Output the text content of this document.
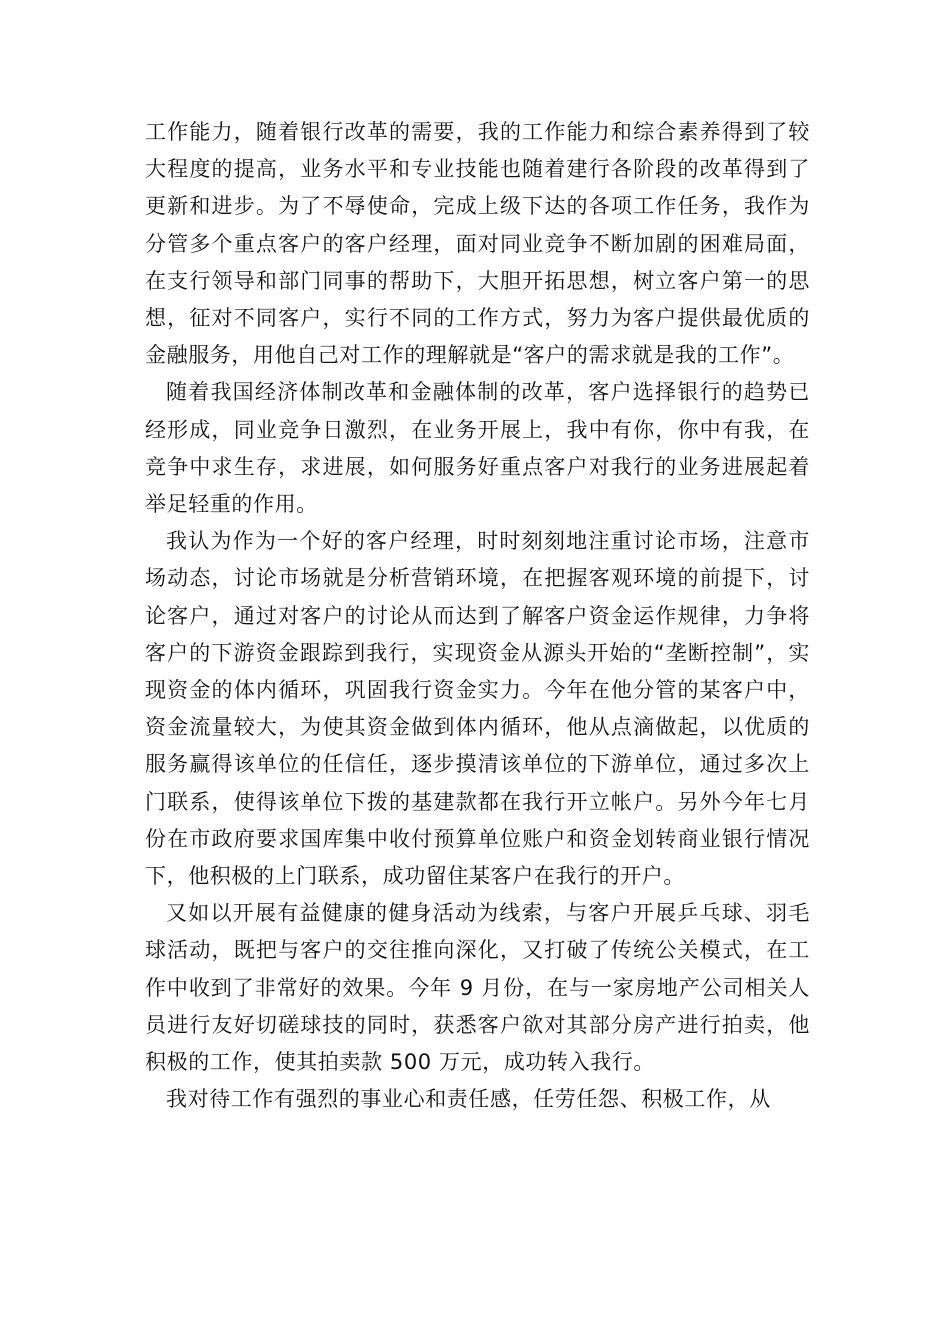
工作能力，随着银行改革的需要，我的工作能力和综合素养得到了较大程度的提高，业务水平和专业技能也随着建行各阶段的改革得到了更新和进步。为了不辱使命，完成上级下达的各项工作任务，我作为分管多个重点客户的客户经理，面对同业竞争不断加剧的困难局面，在支行领导和部门同事的帮助下，大胆开拓思想，树立客户第一的思想，征对不同客户，实行不同的工作方式，努力为客户提供最优质的金融服务，用他自己对工作的理解就是“客户的需求就是我的工作”。

随着我国经济体制改革和金融体制的改革，客户选择银行的趋势已经形成，同业竞争日激烈，在业务开展上，我中有你，你中有我，在竞争中求生存，求进展，如何服务好重点客户对我行的业务进展起着举足轻重的作用。

我认为作为一个好的客户经理，时时刻刻地注重讨论市场，注意市场动态，讨论市场就是分析营销环境，在把握客观环境的前提下，讨论客户，通过对客户的讨论从而达到了解客户资金运作规律，力争将客户的下游资金跟踪到我行，实现资金从源头开始的“垄断控制”，实现资金的体内循环，巩固我行资金实力。今年在他分管的某客户中，资金流量较大，为使其资金做到体内循环，他从点滴做起，以优质的服务赢得该单位的任信任，逐步摸清该单位的下游单位，通过多次上门联系，使得该单位下拨的基建款都在我行开立帐户。另外今年七月份在市政府要求国库集中收付预算单位账户和资金划转商业银行情况下，他积极的上门联系，成功留住某客户在我行的开户。

又如以开展有益健康的健身活动为线索，与客户开展乒乓球、羽毛球活动，既把与客户的交往推向深化，又打破了传统公关模式，在工作中收到了非常好的效果。今年 9 月份，在与一家房地产公司相关人员进行友好切磋球技的同时，获悉客户欲对其部分房产进行拍卖，他积极的工作，使其拍卖款 500 万元，成功转入我行。

我对待工作有强烈的事业心和责任感，任劳任怨、积极工作，从
